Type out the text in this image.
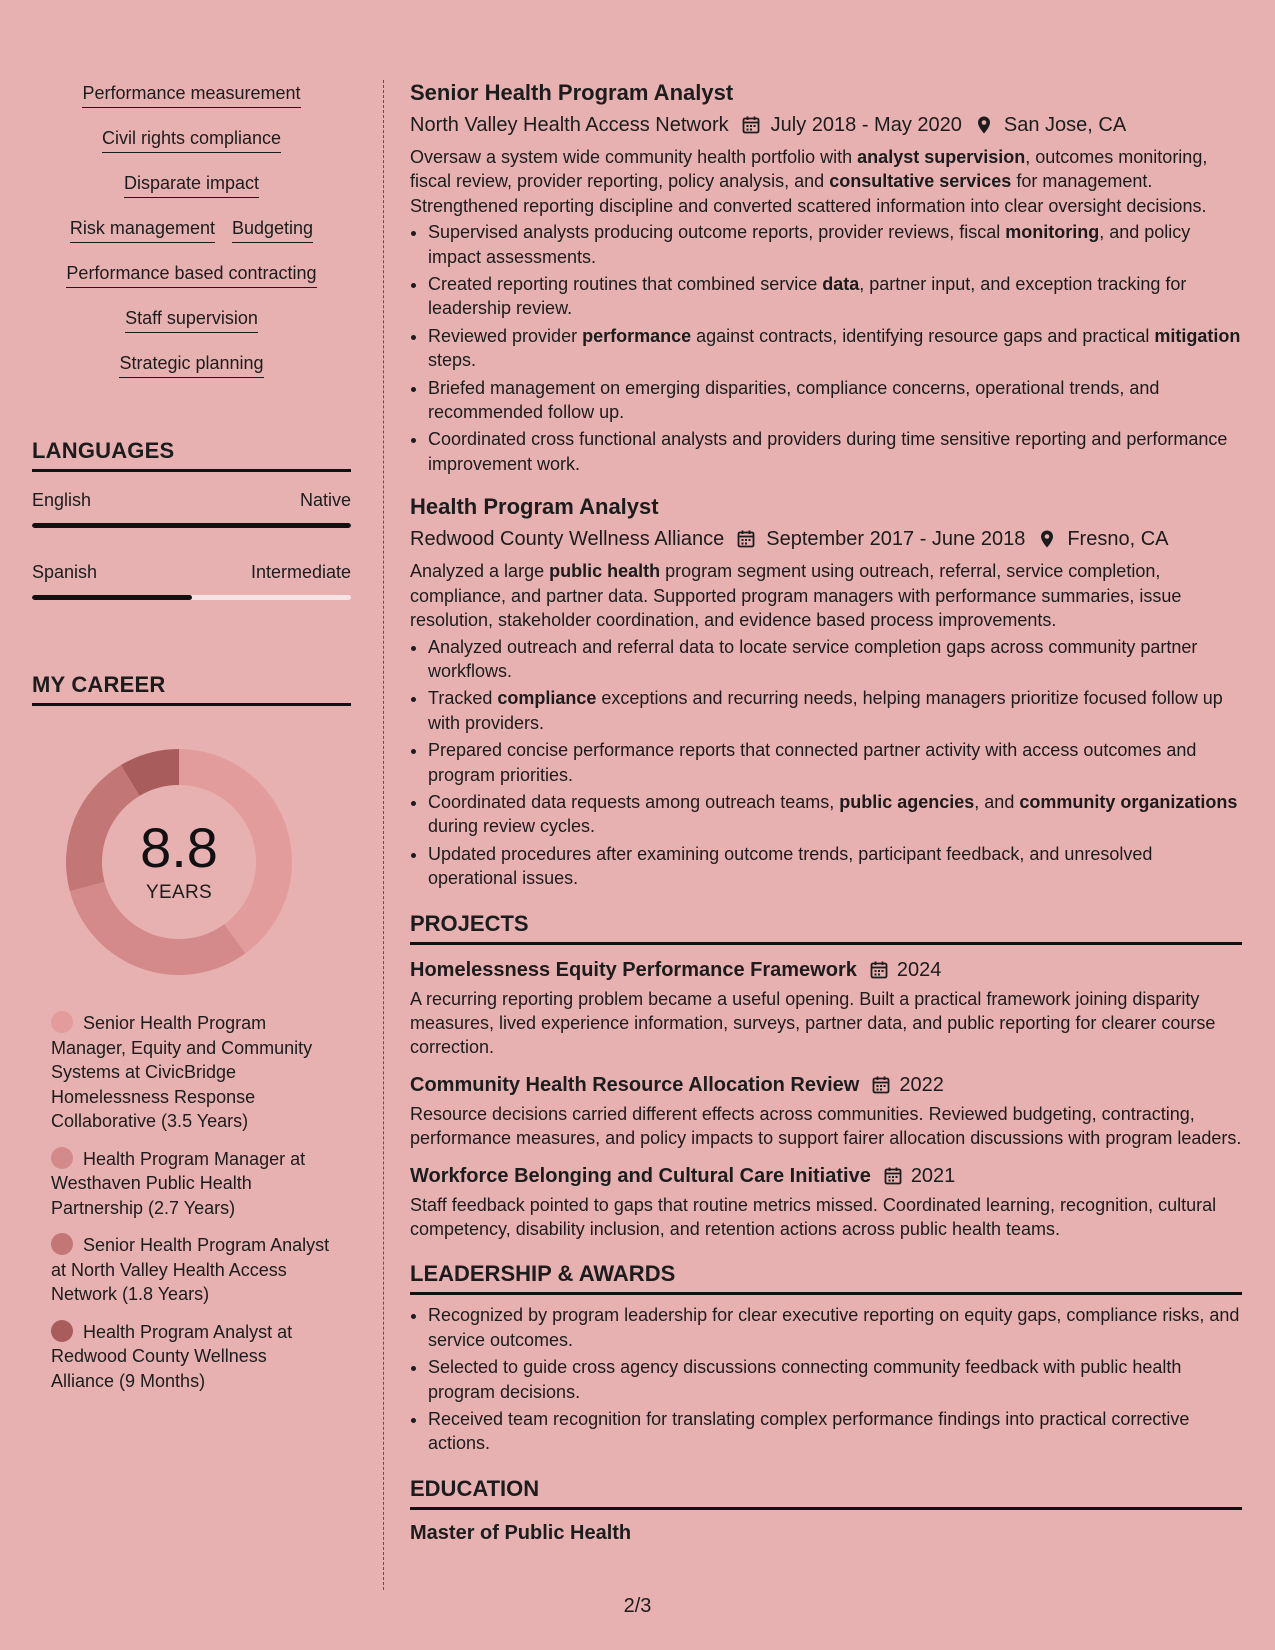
Performance measurement
Civil rights compliance
Disparate impact
Risk management Budgeting
Performance based contracting
Staff supervision
Strategic planning
LANGUAGES
English	Native
Spanish	Intermediate
MY CAREER
8.8
YEARS
Senior Health Program Manager, Equity and Community Systems at CivicBridge Homelessness Response Collaborative (3.5 Years)
Health Program Manager at Westhaven Public Health Partnership (2.7 Years)
Senior Health Program Analyst at North Valley Health Access Network (1.8 Years)
Health Program Analyst at Redwood County Wellness Alliance (9 Months)
Senior Health Program Analyst
North Valley Health Access Network July 2018 - May 2020 San Jose, CA
Oversaw a system wide community health portfolio with analyst supervision, outcomes monitoring, fiscal review, provider reporting, policy analysis, and consultative services for management. Strengthened reporting discipline and converted scattered information into clear oversight decisions.
• Supervised analysts producing outcome reports, provider reviews, fiscal monitoring, and policy impact assessments.
• Created reporting routines that combined service data, partner input, and exception tracking for leadership review.
• Reviewed provider performance against contracts, identifying resource gaps and practical mitigation steps.
• Briefed management on emerging disparities, compliance concerns, operational trends, and recommended follow up.
• Coordinated cross functional analysts and providers during time sensitive reporting and performance improvement work.
Health Program Analyst
Redwood County Wellness Alliance September 2017 - June 2018 Fresno, CA
Analyzed a large public health program segment using outreach, referral, service completion, compliance, and partner data. Supported program managers with performance summaries, issue resolution, stakeholder coordination, and evidence based process improvements.
• Analyzed outreach and referral data to locate service completion gaps across community partner workflows.
• Tracked compliance exceptions and recurring needs, helping managers prioritize focused follow up with providers.
• Prepared concise performance reports that connected partner activity with access outcomes and program priorities.
• Coordinated data requests among outreach teams, public agencies, and community organizations during review cycles.
• Updated procedures after examining outcome trends, participant feedback, and unresolved operational issues.
PROJECTS
Homelessness Equity Performance Framework 2024
A recurring reporting problem became a useful opening. Built a practical framework joining disparity measures, lived experience information, surveys, partner data, and public reporting for clearer course correction.
Community Health Resource Allocation Review 2022
Resource decisions carried different effects across communities. Reviewed budgeting, contracting, performance measures, and policy impacts to support fairer allocation discussions with program leaders.
Workforce Belonging and Cultural Care Initiative 2021
Staff feedback pointed to gaps that routine metrics missed. Coordinated learning, recognition, cultural competency, disability inclusion, and retention actions across public health teams.
LEADERSHIP & AWARDS
• Recognized by program leadership for clear executive reporting on equity gaps, compliance risks, and service outcomes.
• Selected to guide cross agency discussions connecting community feedback with public health program decisions.
• Received team recognition for translating complex performance findings into practical corrective actions.
EDUCATION
Master of Public Health
2/3
